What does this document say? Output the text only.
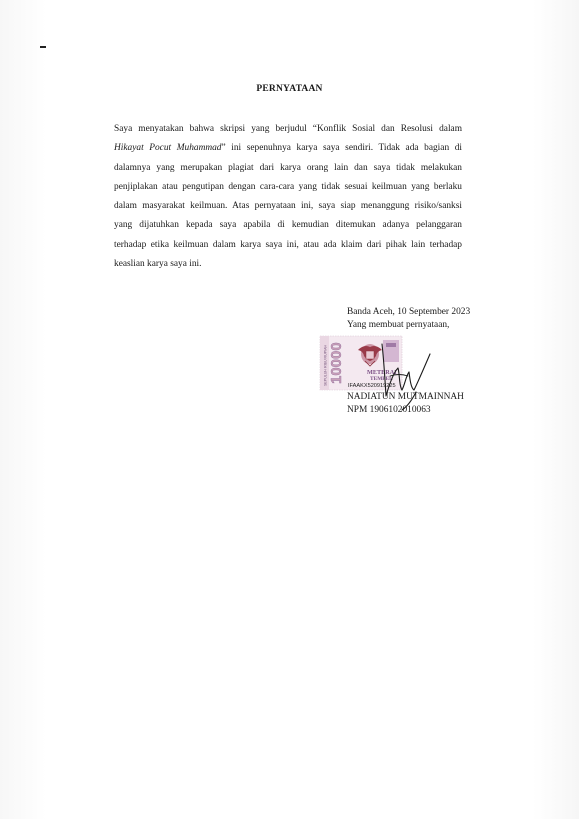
PERNYATAAN
Saya menyatakan bahwa skripsi yang berjudul “Konflik Sosial dan Resolusi dalam
Hikayat Pocut Muhammad” ini sepenuhnya karya saya sendiri. Tidak ada bagian di
dalamnya yang merupakan plagiat dari karya orang lain dan saya tidak melakukan
penjiplakan atau pengutipan dengan cara-cara yang tidak sesuai keilmuan yang berlaku
dalam masyarakat keilmuan. Atas pernyataan ini, saya siap menanggung risiko/sanksi
yang dijatuhkan kepada saya apabila di kemudian ditemukan adanya pelanggaran
terhadap etika keilmuan dalam karya saya ini, atau ada klaim dari pihak lain terhadap
keaslian karya saya ini.
Banda Aceh, 10 September 2023
Yang membuat pernyataan,
SEPULUH RIBU RUPIAH 10000	METERAI
TEMPEL
IFAAKX520919225
NADIATUN MUTMAINNAH
NPM 1906102010063
